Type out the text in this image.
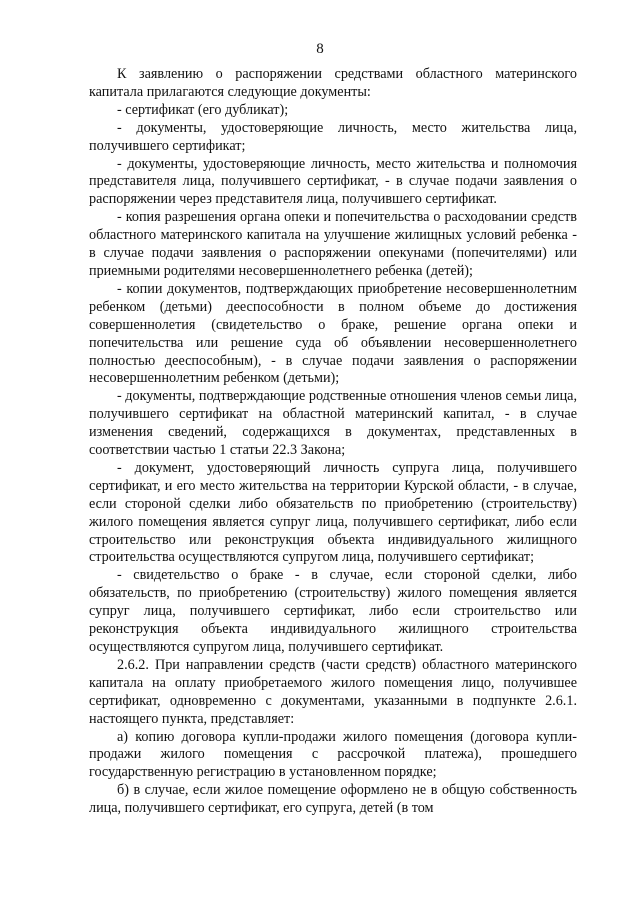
8

К заявлению о распоряжении средствами областного материнского капитала прилагаются следующие документы:

- сертификат (его дубликат);

- документы, удостоверяющие личность, место жительства лица, получившего сертификат;

- документы, удостоверяющие личность, место жительства и полномочия представителя лица, получившего сертификат, - в случае подачи заявления о распоряжении через представителя лица, получившего сертификат.

- копия разрешения органа опеки и попечительства о расходовании средств областного материнского капитала на улучшение жилищных условий ребенка - в случае подачи заявления о распоряжении опекунами (попечителями) или приемными родителями несовершеннолетнего ребенка (детей);

- копии документов, подтверждающих приобретение несовершеннолетним ребенком (детьми) дееспособности в полном объеме до достижения совершеннолетия (свидетельство о браке, решение органа опеки и попечительства или решение суда об объявлении несовершеннолетнего полностью дееспособным), - в случае подачи заявления о распоряжении несовершеннолетним ребенком (детьми);

- документы, подтверждающие родственные отношения членов семьи лица, получившего сертификат на областной материнский капитал, - в случае изменения сведений, содержащихся в документах, представленных в соответствии частью 1 статьи 22.3 Закона;

- документ, удостоверяющий личность супруга лица, получившего сертификат, и его место жительства на территории Курской области, - в случае, если стороной сделки либо обязательств по приобретению (строительству) жилого помещения является супруг лица, получившего сертификат, либо если строительство или реконструкция объекта индивидуального жилищного строительства осуществляются супругом лица, получившего сертификат;

- свидетельство о браке - в случае, если стороной сделки, либо обязательств, по приобретению (строительству) жилого помещения является супруг лица, получившего сертификат, либо если строительство или реконструкция объекта индивидуального жилищного строительства осуществляются супругом лица, получившего сертификат.

2.6.2. При направлении средств (части средств) областного материнского капитала на оплату приобретаемого жилого помещения лицо, получившее сертификат, одновременно с документами, указанными в подпункте 2.6.1. настоящего пункта, представляет:

а) копию договора купли-продажи жилого помещения (договора купли-продажи жилого помещения с рассрочкой платежа), прошедшего государственную регистрацию в установленном порядке;

б) в случае, если жилое помещение оформлено не в общую собственность лица, получившего сертификат, его супруга, детей (в том
